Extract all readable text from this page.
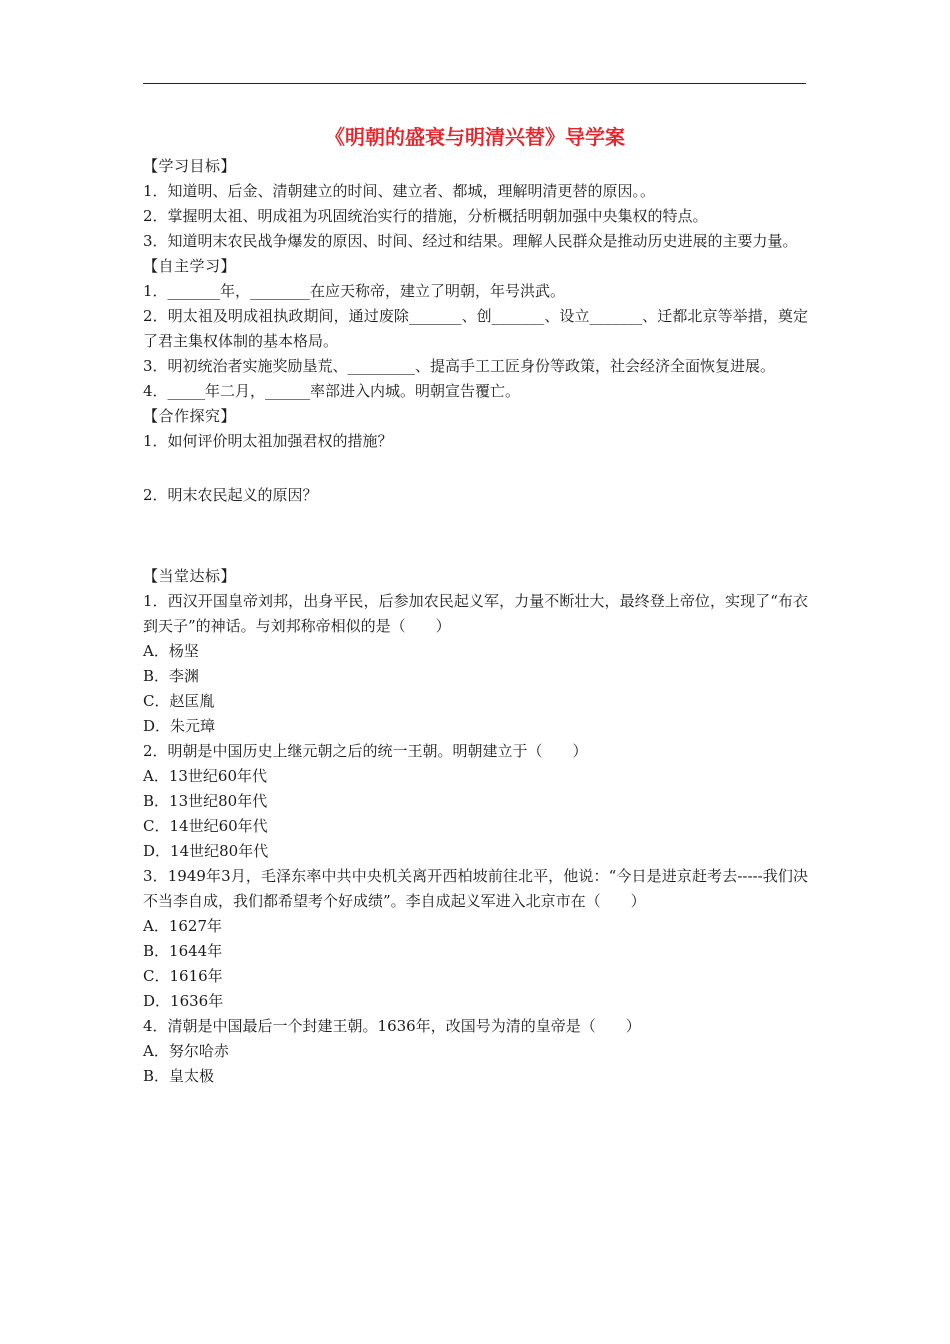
《明朝的盛衰与明清兴替》导学案
【学习目标】
1．知道明、后金、清朝建立的时间、建立者、都城，理解明清更替的原因。。
2．掌握明太祖、明成祖为巩固统治实行的措施，分析概括明朝加强中央集权的特点。
3．知道明末农民战争爆发的原因、时间、经过和结果。理解人民群众是推动历史进展的主要力量。
【自主学习】
1．_______年，________在应天称帝，建立了明朝，年号洪武。
2．明太祖及明成祖执政期间，通过废除_______、创_______、设立_______、迁都北京等举措，奠定了君主集权体制的基本格局。
3．明初统治者实施奖励垦荒、_________、提高手工工匠身份等政策，社会经济全面恢复进展。
4．_____年二月，______率部进入内城。明朝宣告覆亡。
【合作探究】
1．如何评价明太祖加强君权的措施？
2．明末农民起义的原因？
【当堂达标】
1．西汉开国皇帝刘邦，出身平民，后参加农民起义军，力量不断壮大，最终登上帝位，实现了“布衣到天子”的神话。与刘邦称帝相似的是（　　）
A．杨坚
B．李渊
C．赵匡胤
D．朱元璋
2．明朝是中国历史上继元朝之后的统一王朝。明朝建立于（　　）
A．13世纪60年代
B．13世纪80年代
C．14世纪60年代
D．14世纪80年代
3．1949年3月，毛泽东率中共中央机关离开西柏坡前往北平，他说：“今日是进京赶考去-----我们决不当李自成，我们都希望考个好成绩”。李自成起义军进入北京市在（　　）
A．1627年
B．1644年
C．1616年
D．1636年
4．清朝是中国最后一个封建王朝。1636年，改国号为清的皇帝是（　　）
A．努尔哈赤
B．皇太极
